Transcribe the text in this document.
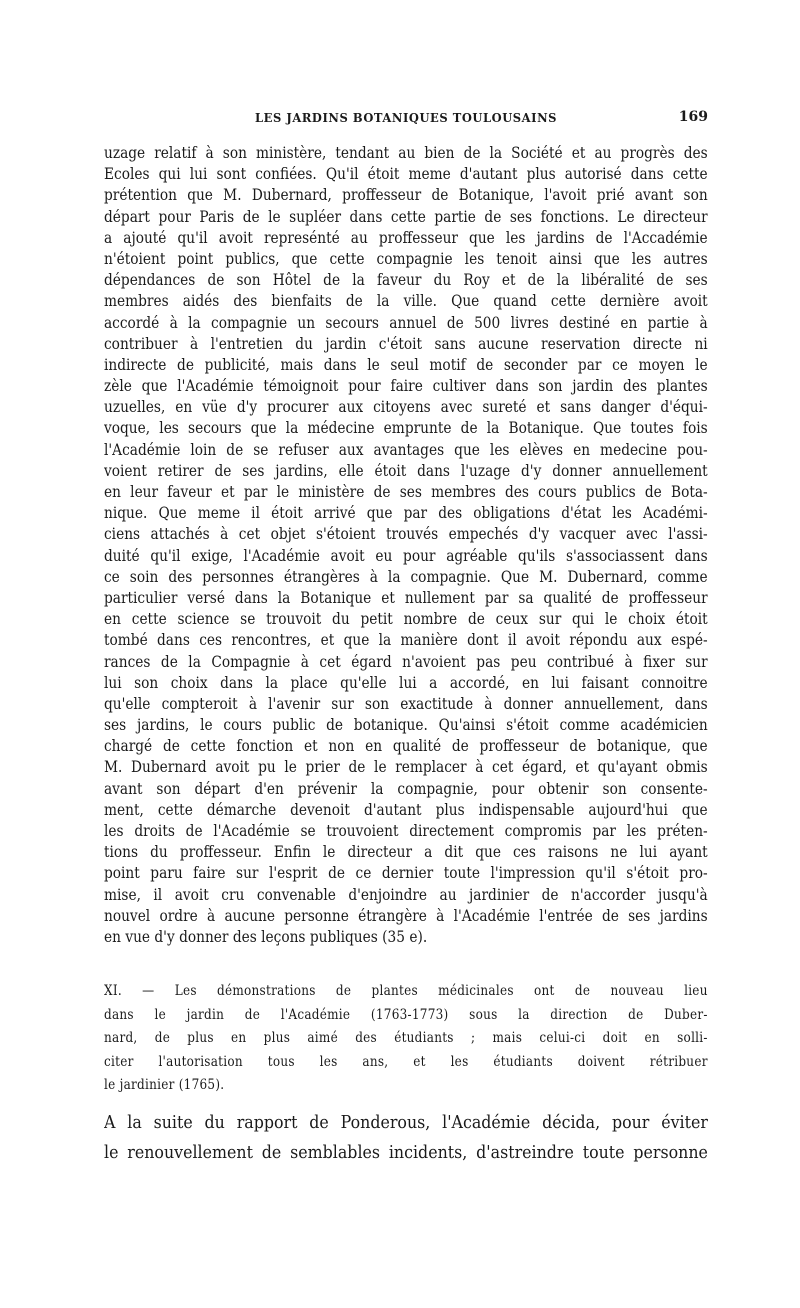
LES JARDINS BOTANIQUES TOULOUSAINS	169
uzage relatif à son ministère, tendant au bien de la Société et au progrès des
Ecoles qui lui sont confiées. Qu'il étoit meme d'autant plus autorisé dans cette
prétention que M. Dubernard, proffesseur de Botanique, l'avoit prié avant son
départ pour Paris de le supléer dans cette partie de ses fonctions. Le directeur
a ajouté qu'il avoit represénté au proffesseur que les jardins de l'Accadémie
n'étoient point publics, que cette compagnie les tenoit ainsi que les autres
dépendances de son Hôtel de la faveur du Roy et de la libéralité de ses
membres aidés des bienfaits de la ville. Que quand cette dernière avoit
accordé à la compagnie un secours annuel de 500 livres destiné en partie à
contribuer à l'entretien du jardin c'étoit sans aucune reservation directe ni
indirecte de publicité, mais dans le seul motif de seconder par ce moyen le
zèle que l'Académie témoignoit pour faire cultiver dans son jardin des plantes
uzuelles, en vüe d'y procurer aux citoyens avec sureté et sans danger d'équi-
voque, les secours que la médecine emprunte de la Botanique. Que toutes fois
l'Académie loin de se refuser aux avantages que les elèves en medecine pou-
voient retirer de ses jardins, elle étoit dans l'uzage d'y donner annuellement
en leur faveur et par le ministère de ses membres des cours publics de Bota-
nique. Que meme il étoit arrivé que par des obligations d'état les Académi-
ciens attachés à cet objet s'étoient trouvés empechés d'y vacquer avec l'assi-
duité qu'il exige, l'Académie avoit eu pour agréable qu'ils s'associassent dans
ce soin des personnes étrangères à la compagnie. Que M. Dubernard, comme
particulier versé dans la Botanique et nullement par sa qualité de proffesseur
en cette science se trouvoit du petit nombre de ceux sur qui le choix étoit
tombé dans ces rencontres, et que la manière dont il avoit répondu aux espé-
rances de la Compagnie à cet égard n'avoient pas peu contribué à fixer sur
lui son choix dans la place qu'elle lui a accordé, en lui faisant connoitre
qu'elle compteroit à l'avenir sur son exactitude à donner annuellement, dans
ses jardins, le cours public de botanique. Qu'ainsi s'étoit comme académicien
chargé de cette fonction et non en qualité de proffesseur de botanique, que
M. Dubernard avoit pu le prier de le remplacer à cet égard, et qu'ayant obmis
avant son départ d'en prévenir la compagnie, pour obtenir son consente-
ment, cette démarche devenoit d'autant plus indispensable aujourd'hui que
les droits de l'Académie se trouvoient directement compromis par les préten-
tions du proffesseur. Enfin le directeur a dit que ces raisons ne lui ayant
point paru faire sur l'esprit de ce dernier toute l'impression qu'il s'étoit pro-
mise, il avoit cru convenable d'enjoindre au jardinier de n'accorder jusqu'à
nouvel ordre à aucune personne étrangère à l'Académie l'entrée de ses jardins
en vue d'y donner des leçons publiques (35 e).
XI. — Les démonstrations de plantes médicinales ont de nouveau lieu
dans le jardin de l'Académie (1763-1773) sous la direction de Duber-
nard, de plus en plus aimé des étudiants ; mais celui-ci doit en solli-
citer l'autorisation tous les ans, et les étudiants doivent rétribuer
le jardinier (1765).
A la suite du rapport de Ponderous, l'Académie décida, pour éviter
le renouvellement de semblables incidents, d'astreindre toute personne
